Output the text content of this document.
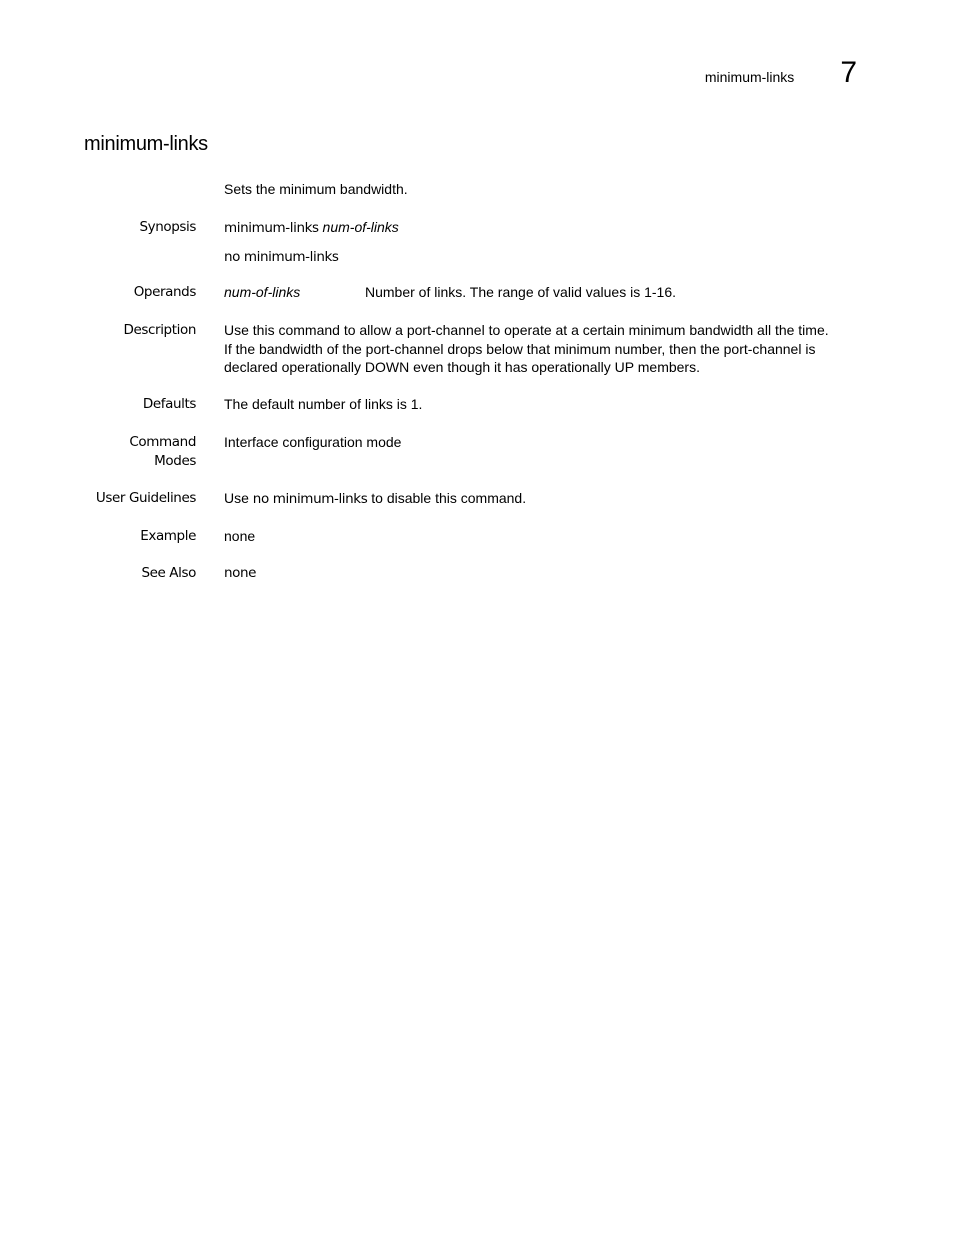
minimum-links 7
minimum-links
Sets the minimum bandwidth.
Synopsis minimum-links num-of-links
no minimum-links
Operands num-of-links	Number of links. The range of valid values is 1-16.
Description Use this command to allow a port-channel to operate at a certain minimum bandwidth all the time.
If the bandwidth of the port-channel drops below that minimum number, then the port-channel is
declared operationally DOWN even though it has operationally UP members.
Defaults The default number of links is 1.
Command
Modes
Interface configuration mode
User Guidelines Use no minimum-links to disable this command.
Example none
See Also none
